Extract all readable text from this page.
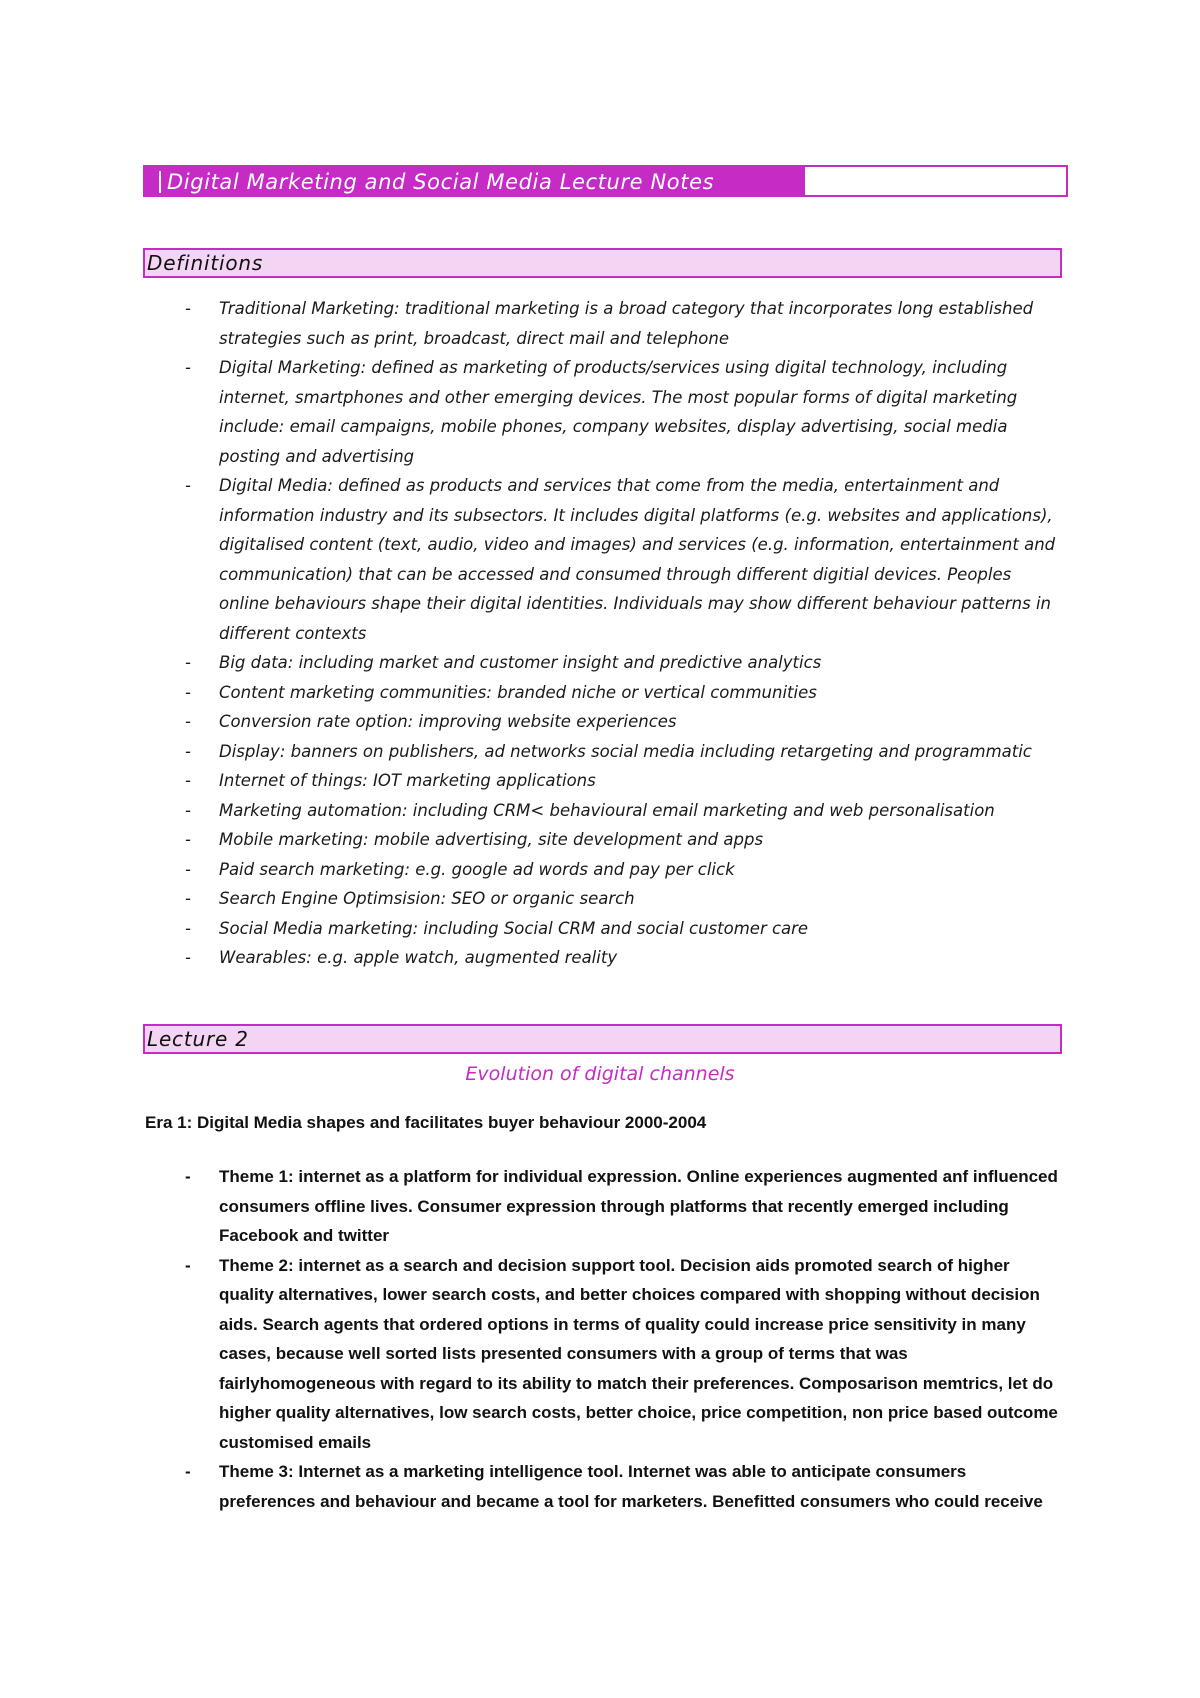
Digital Marketing and Social Media Lecture Notes
Definitions
- Traditional Marketing: traditional marketing is a broad category that incorporates long established strategies such as print, broadcast, direct mail and telephone
- Digital Marketing: defined as marketing of products/services using digital technology, including internet, smartphones and other emerging devices. The most popular forms of digital marketing include: email campaigns, mobile phones, company websites, display advertising, social media posting and advertising
- Digital Media: defined as products and services that come from the media, entertainment and information industry and its subsectors. It includes digital platforms (e.g. websites and applications), digitalised content (text, audio, video and images) and services (e.g. information, entertainment and communication) that can be accessed and consumed through different digitial devices. Peoples online behaviours shape their digital identities. Individuals may show different behaviour patterns in different contexts
- Big data: including market and customer insight and predictive analytics
- Content marketing communities: branded niche or vertical communities
- Conversion rate option: improving website experiences
- Display: banners on publishers, ad networks social media including retargeting and programmatic
- Internet of things: IOT marketing applications
- Marketing automation: including CRM< behavioural email marketing and web personalisation
- Mobile marketing: mobile advertising, site development and apps
- Paid search marketing: e.g. google ad words and pay per click
- Search Engine Optimsision: SEO or organic search
- Social Media marketing: including Social CRM and social customer care
- Wearables: e.g. apple watch, augmented reality
Lecture 2
Evolution of digital channels
Era 1: Digital Media shapes and facilitates buyer behaviour 2000-2004
- Theme 1: internet as a platform for individual expression. Online experiences augmented anf influenced consumers offline lives. Consumer expression through platforms that recently emerged including Facebook and twitter
- Theme 2: internet as a search and decision support tool. Decision aids promoted search of higher quality alternatives, lower search costs, and better choices compared with shopping without decision aids. Search agents that ordered options in terms of quality could increase price sensitivity in many cases, because well sorted lists presented consumers with a group of terms that was fairlyhomogeneous with regard to its ability to match their preferences. Composarison memtrics, let do higher quality alternatives, low search costs, better choice, price competition, non price based outcome customised emails
- Theme 3: Internet as a marketing intelligence tool. Internet was able to anticipate consumers preferences and behaviour and became a tool for marketers. Benefitted consumers who could receive
